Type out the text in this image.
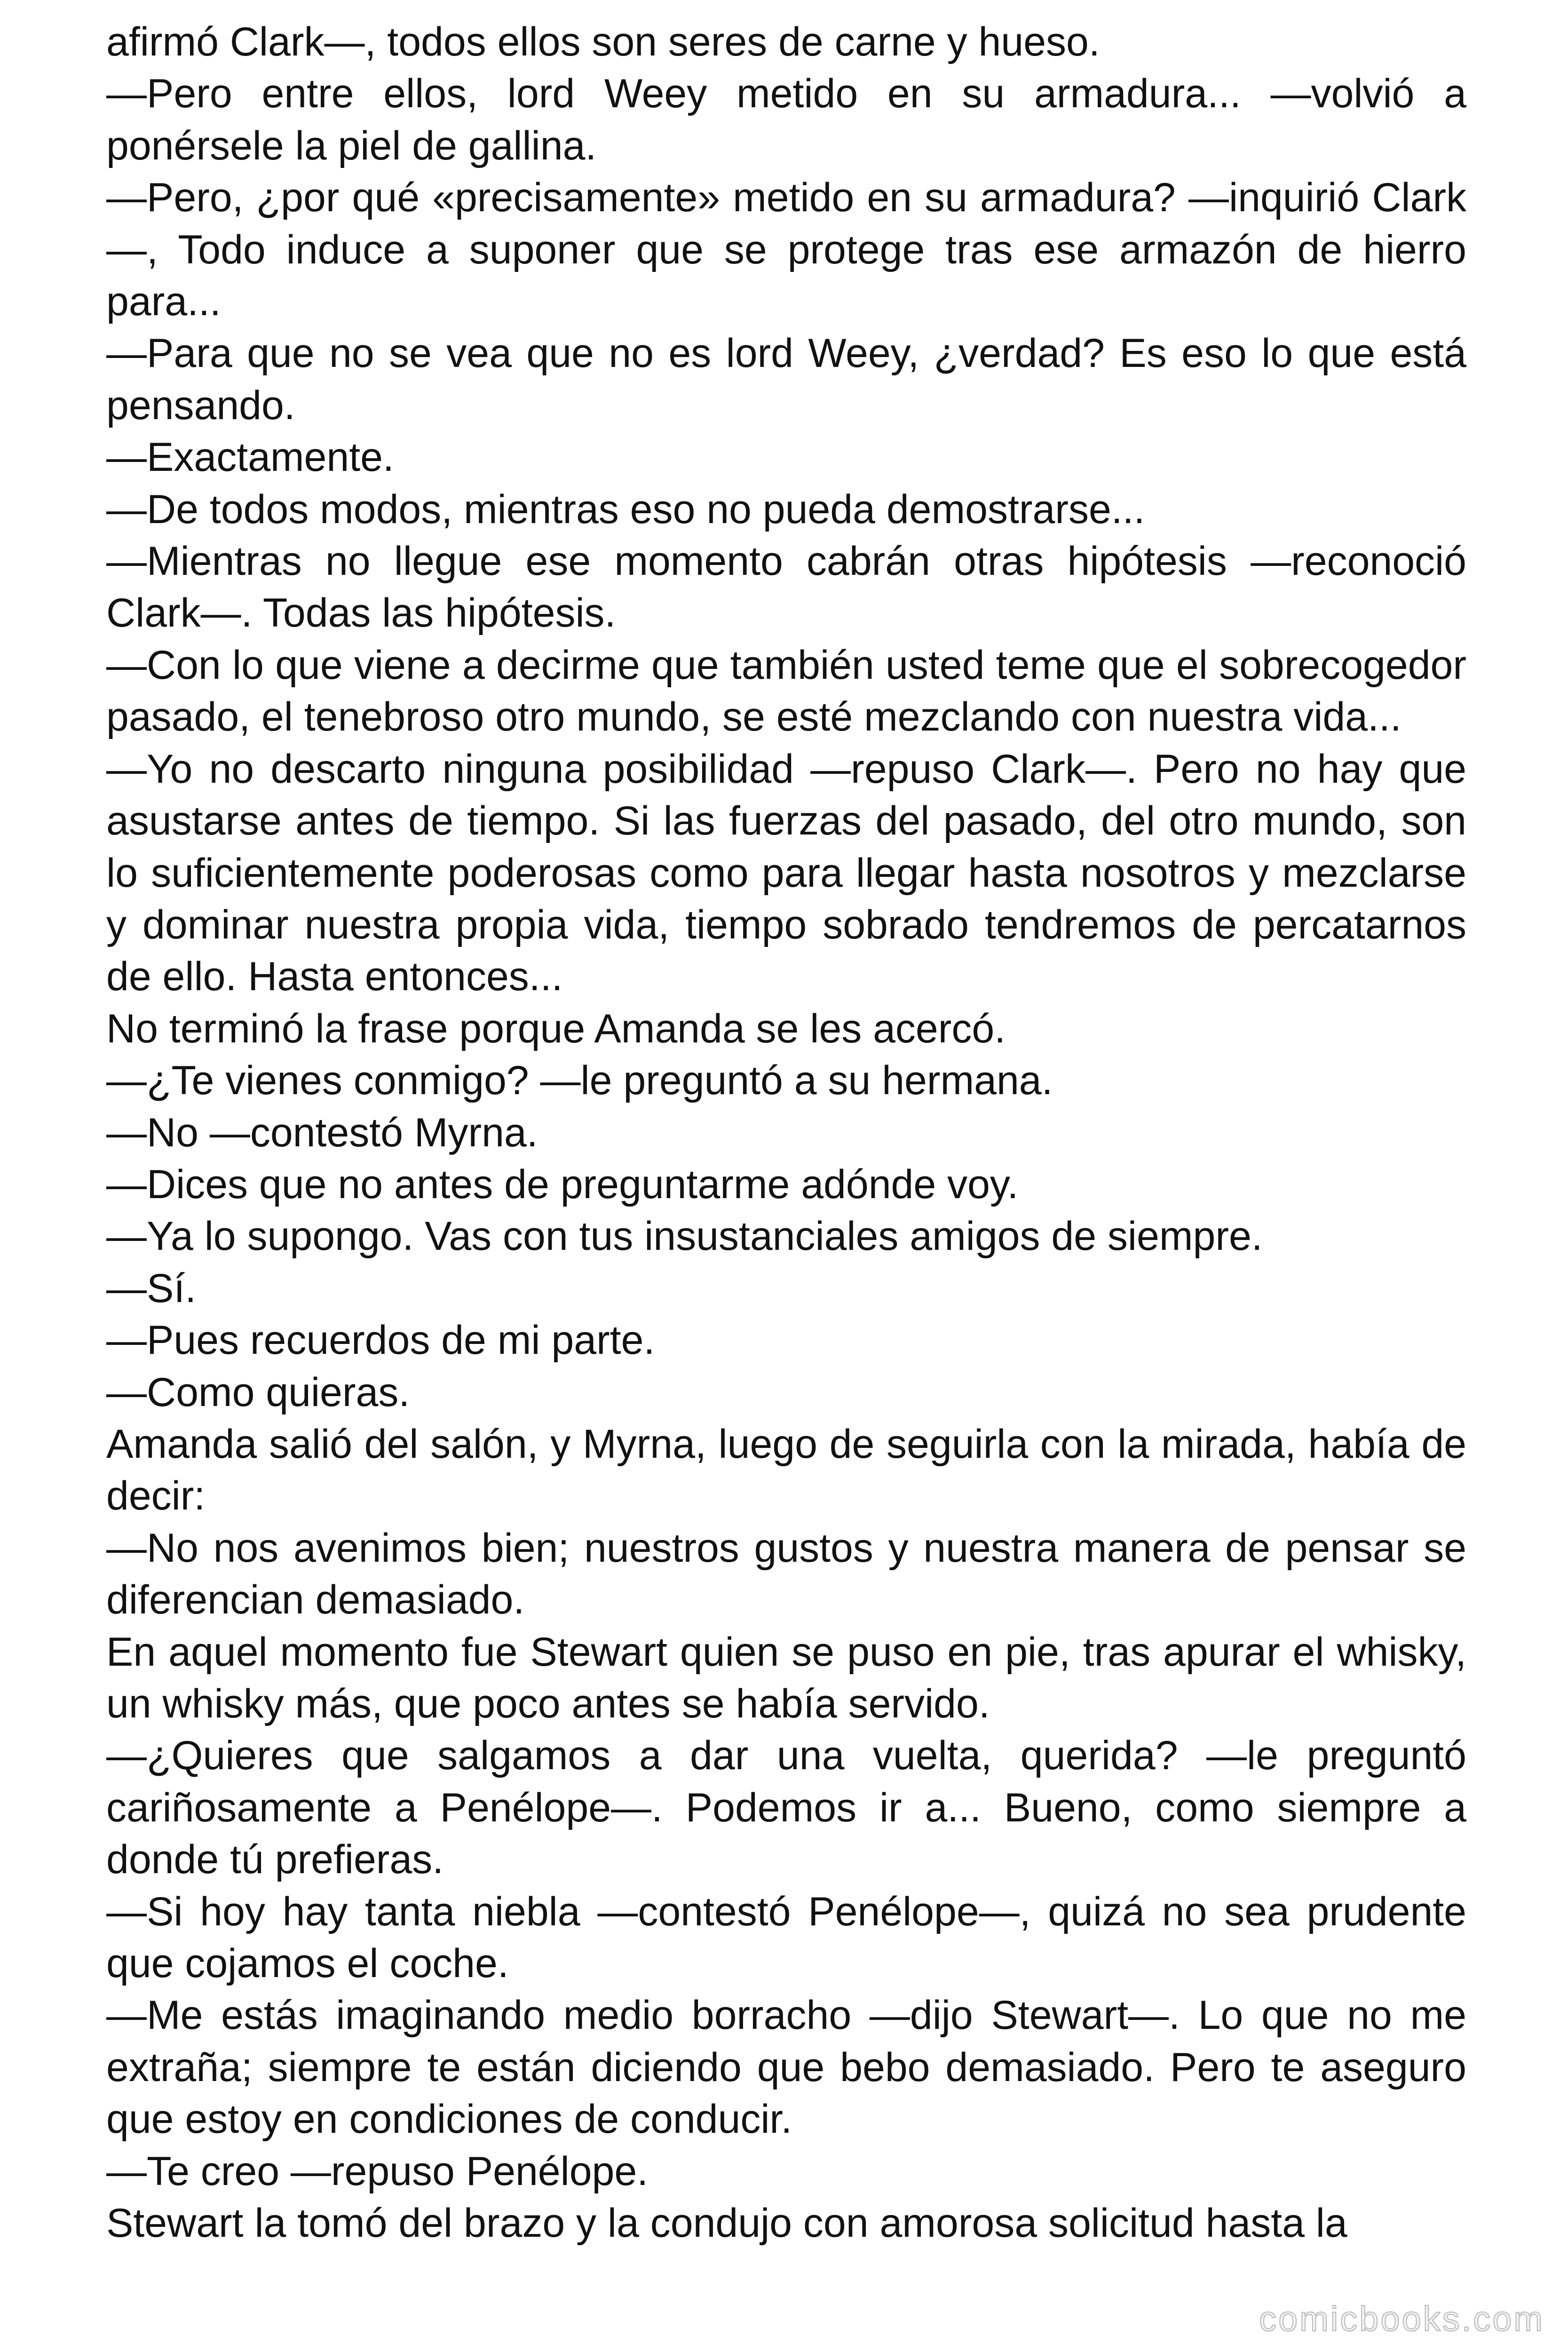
afirmó Clark—, todos ellos son seres de carne y hueso.

—Pero entre ellos, lord Weey metido en su armadura... —volvió a ponérsele la piel de gallina.

—Pero, ¿por qué «precisamente» metido en su armadura? —inquirió Clark—, Todo induce a suponer que se protege tras ese armazón de hierro para...

—Para que no se vea que no es lord Weey, ¿verdad? Es eso lo que está pensando.

—Exactamente.

—De todos modos, mientras eso no pueda demostrarse...

—Mientras no llegue ese momento cabrán otras hipótesis —reconoció Clark—. Todas las hipótesis.

—Con lo que viene a decirme que también usted teme que el sobrecogedor pasado, el tenebroso otro mundo, se esté mezclando con nuestra vida...

—Yo no descarto ninguna posibilidad —repuso Clark—. Pero no hay que asustarse antes de tiempo. Si las fuerzas del pasado, del otro mundo, son lo suficientemente poderosas como para llegar hasta nosotros y mezclarse y dominar nuestra propia vida, tiempo sobrado tendremos de percatarnos de ello. Hasta entonces...

No terminó la frase porque Amanda se les acercó.

—¿Te vienes conmigo? —le preguntó a su hermana.

—No —contestó Myrna.

—Dices que no antes de preguntarme adónde voy.

—Ya lo supongo. Vas con tus insustanciales amigos de siempre.

—Sí.

—Pues recuerdos de mi parte.

—Como quieras.

Amanda salió del salón, y Myrna, luego de seguirla con la mirada, había de decir:

—No nos avenimos bien; nuestros gustos y nuestra manera de pensar se diferencian demasiado.

En aquel momento fue Stewart quien se puso en pie, tras apurar el whisky, un whisky más, que poco antes se había servido.

—¿Quieres que salgamos a dar una vuelta, querida? —le preguntó cariñosamente a Penélope—. Podemos ir a... Bueno, como siempre a donde tú prefieras.

—Si hoy hay tanta niebla —contestó Penélope—, quizá no sea prudente que cojamos el coche.

—Me estás imaginando medio borracho —dijo Stewart—. Lo que no me extraña; siempre te están diciendo que bebo demasiado. Pero te aseguro que estoy en condiciones de conducir.

—Te creo —repuso Penélope.

Stewart la tomó del brazo y la condujo con amorosa solicitud hasta la

comicbooks.com
